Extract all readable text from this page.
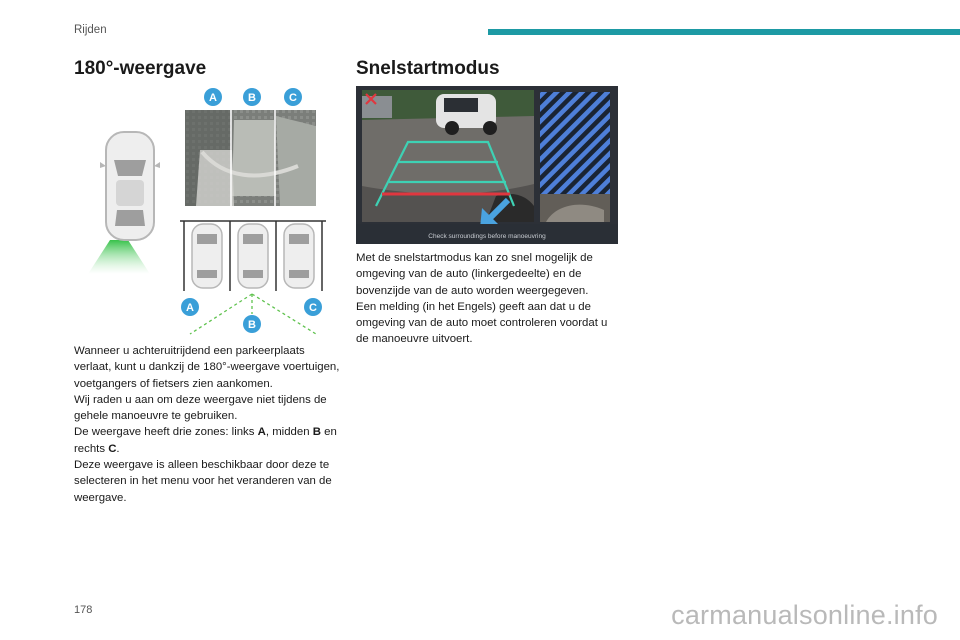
Rijden
180°-weergave	Snelstartmodus
A	B	C
A
B
C
Check surroundings before manoeuvring

Wanneer u achteruitrijdend een parkeerplaats
verlaat, kunt u dankzij de 180°-weergave voertuigen,
voetgangers of fietsers zien aankomen.
Wij raden u aan om deze weergave niet tijdens de
gehele manoeuvre te gebruiken.
De weergave heeft drie zones: links A, midden B en
rechts C.
Deze weergave is alleen beschikbaar door deze te
selecteren in het menu voor het veranderen van de
weergave.

Met de snelstartmodus kan zo snel mogelijk de
omgeving van de auto (linkergedeelte) en de
bovenzijde van de auto worden weergegeven.
Een melding (in het Engels) geeft aan dat u de
omgeving van de auto moet controleren voordat u
de manoeuvre uitvoert.

178	carmanualsonline.info
